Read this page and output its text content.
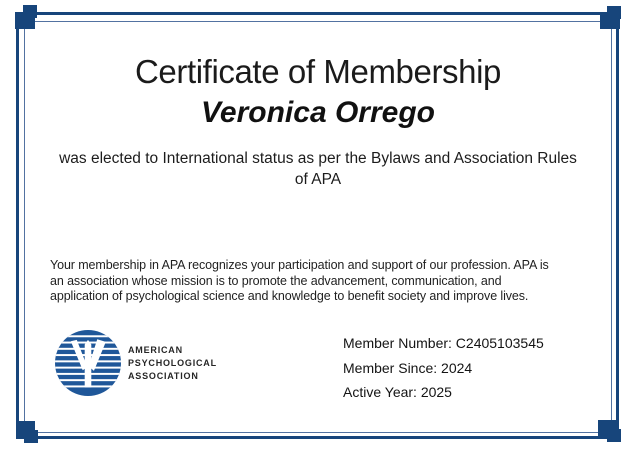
Certificate of Membership
Veronica Orrego
was elected to International status as per the Bylaws and Association Rules of APA
Your membership in APA recognizes your participation and support of our profession. APA is an association whose mission is to promote the advancement, communication, and application of psychological science and knowledge to benefit society and improve lives.
AMERICAN
PSYCHOLOGICAL
ASSOCIATION
Member Number: C2405103545
Member Since: 2024
Active Year: 2025
